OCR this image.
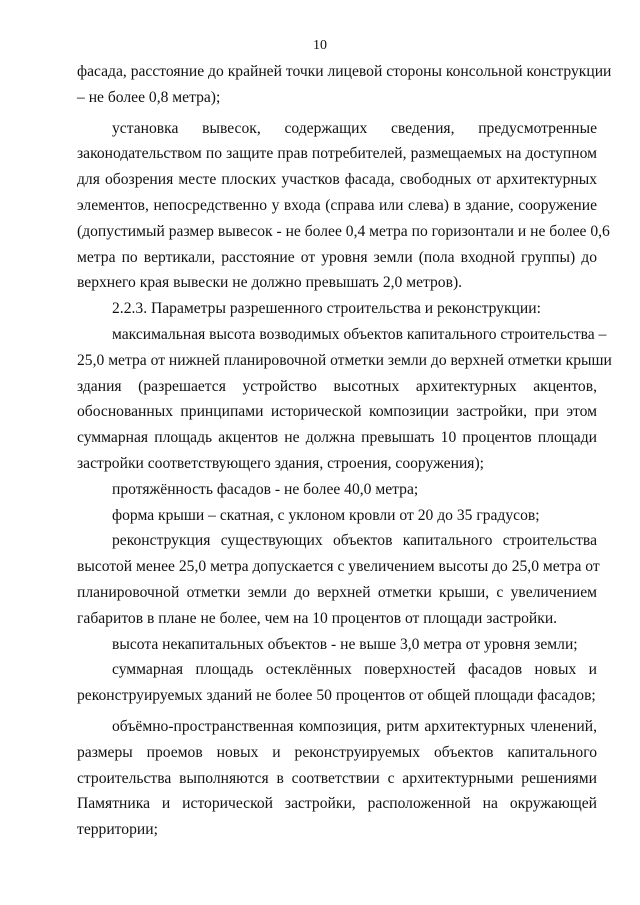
10
фасада, расстояние до крайней точки лицевой стороны консольной конструкции
– не более 0,8 метра);
установка вывесок, содержащих сведения, предусмотренные
законодательством по защите прав потребителей, размещаемых на доступном
для обозрения месте плоских участков фасада, свободных от архитектурных
элементов, непосредственно у входа (справа или слева) в здание, сооружение
(допустимый размер вывесок - не более 0,4 метра по горизонтали и не более 0,6
метра по вертикали, расстояние от уровня земли (пола входной группы) до
верхнего края вывески не должно превышать 2,0 метров).
2.2.3. Параметры разрешенного строительства и реконструкции:
максимальная высота возводимых объектов капитального строительства –
25,0 метра от нижней планировочной отметки земли до верхней отметки крыши
здания (разрешается устройство высотных архитектурных акцентов,
обоснованных принципами исторической композиции застройки, при этом
суммарная площадь акцентов не должна превышать 10 процентов площади
застройки соответствующего здания, строения, сооружения);
протяжённость фасадов - не более 40,0 метра;
форма крыши – скатная, с уклоном кровли от 20 до 35 градусов;
реконструкция существующих объектов капитального строительства
высотой менее 25,0 метра допускается с увеличением высоты до 25,0 метра от
планировочной отметки земли до верхней отметки крыши, с увеличением
габаритов в плане не более, чем на 10 процентов от площади застройки.
высота некапитальных объектов - не выше 3,0 метра от уровня земли;
суммарная площадь остеклённых поверхностей фасадов новых и
реконструируемых зданий не более 50 процентов от общей площади фасадов;
объёмно-пространственная композиция, ритм архитектурных членений,
размеры проемов новых и реконструируемых объектов капитального
строительства выполняются в соответствии с архитектурными решениями
Памятника и исторической застройки, расположенной на окружающей
территории;
